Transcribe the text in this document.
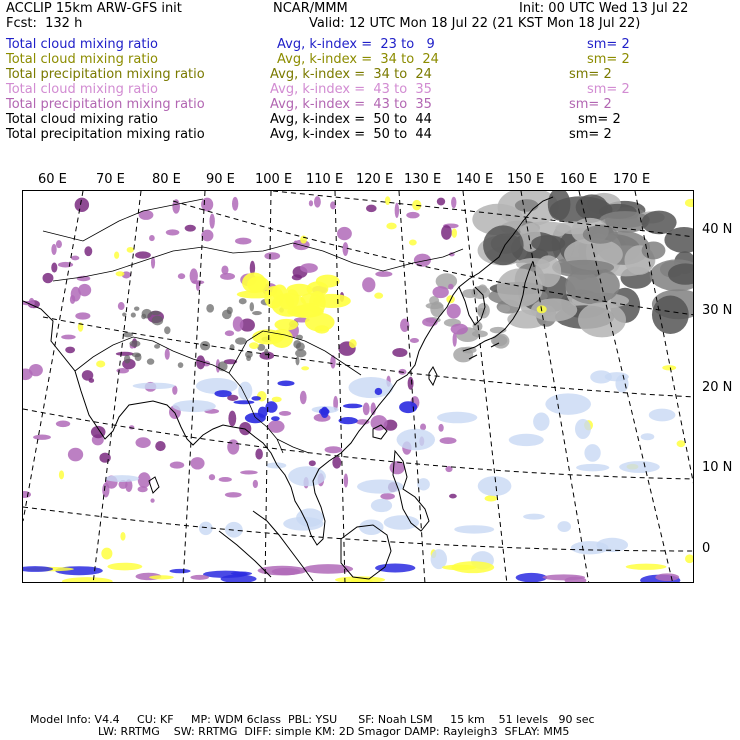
ACCLIP 15km ARW-GFS init	NCAR/MMM	Init: 00 UTC Wed 13 Jul 22
Fcst:  132 h	Valid: 12 UTC Mon 18 Jul 22 (21 KST Mon 18 Jul 22)
Total cloud mixing ratio	Avg, k-index =  23 to   9	sm= 2
Total cloud mixing ratio	Avg, k-index =  34 to  24	sm= 2
Total precipitation mixing ratio	Avg, k-index =  34 to  24	sm= 2
Total cloud mixing ratio	Avg, k-index =  43 to  35	sm= 2
Total precipitation mixing ratio	Avg, k-index =  43 to  35	sm= 2
Total cloud mixing ratio	Avg, k-index =  50 to  44	sm= 2
Total precipitation mixing ratio	Avg, k-index =  50 to  44	sm= 2
60 E 70 E 80 E 90 E 100 E 110 E 120 E 130 E 140 E 150 E 160 E 170 E
40 N
30 N
20 N
10 N
0
Model Info: V4.4     CU: KF     MP: WDM 6class  PBL: YSU      SF: Noah LSM     15 km    51 levels   90 sec
LW: RRTMG    SW: RRTMG  DIFF: simple KM: 2D Smagor DAMP: Rayleigh3  SFLAY: MM5
